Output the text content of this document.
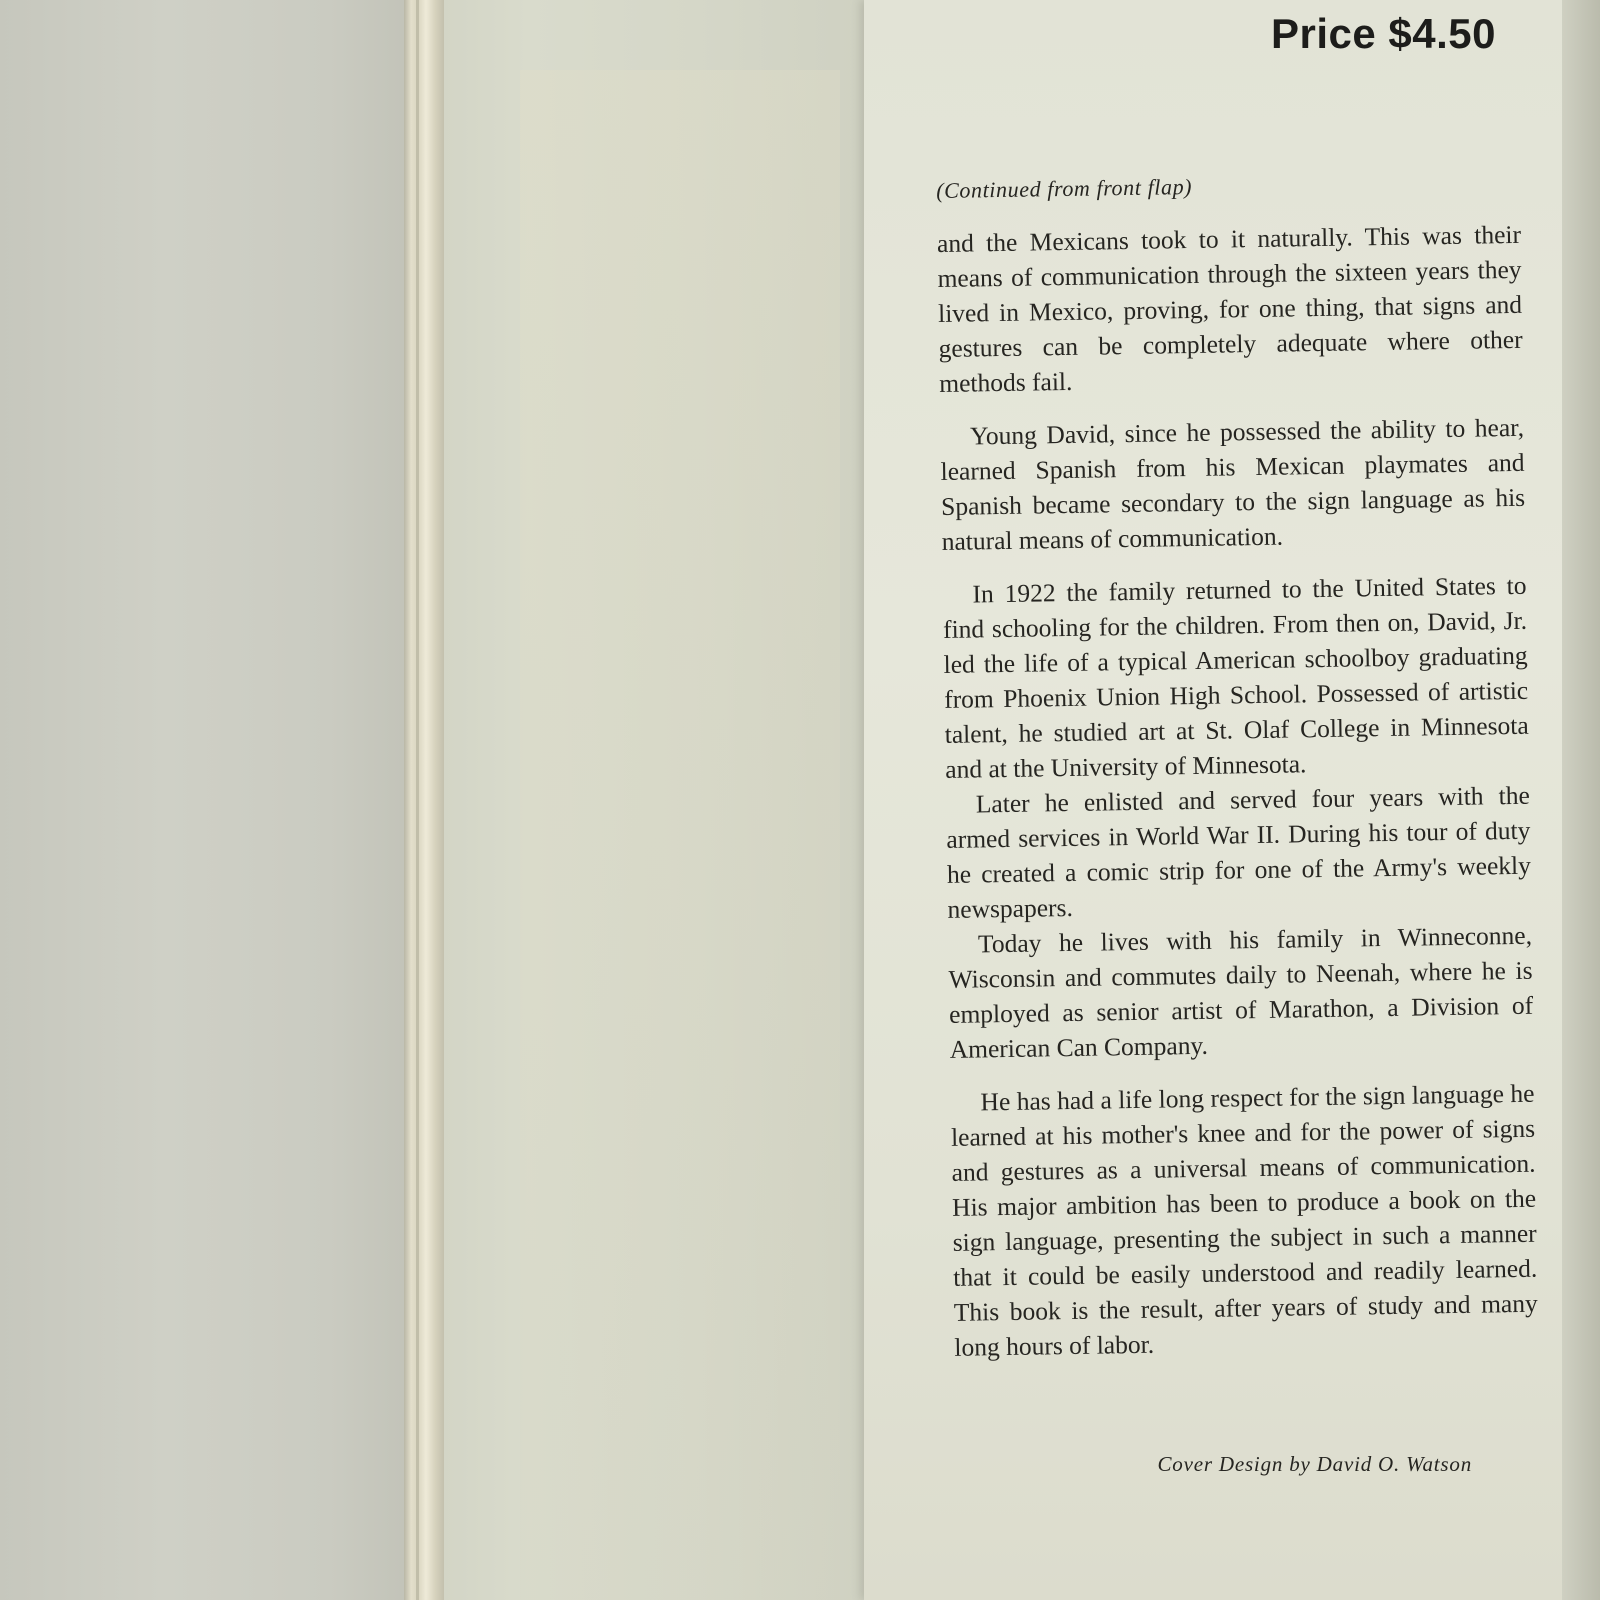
Price $4.50

(Continued from front flap)

and the Mexicans took to it naturally. This was their means of communication through the sixteen years they lived in Mexico, proving, for one thing, that signs and gestures can be completely adequate where other methods fail.

Young David, since he possessed the ability to hear, learned Spanish from his Mexican playmates and Spanish became secondary to the sign language as his natural means of communication.

In 1922 the family returned to the United States to find schooling for the children. From then on, David, Jr. led the life of a typical American schoolboy graduating from Phoenix Union High School. Possessed of artistic talent, he studied art at St. Olaf College in Minnesota and at the University of Minnesota.

Later he enlisted and served four years with the armed services in World War II. During his tour of duty he created a comic strip for one of the Army's weekly newspapers.

Today he lives with his family in Winneconne, Wisconsin and commutes daily to Neenah, where he is employed as senior artist of Marathon, a Division of American Can Company.

He has had a life long respect for the sign language he learned at his mother's knee and for the power of signs and gestures as a universal means of communication. His major ambition has been to produce a book on the sign language, presenting the subject in such a manner that it could be easily understood and readily learned. This book is the result, after years of study and many long hours of labor.

Cover Design by David O. Watson
